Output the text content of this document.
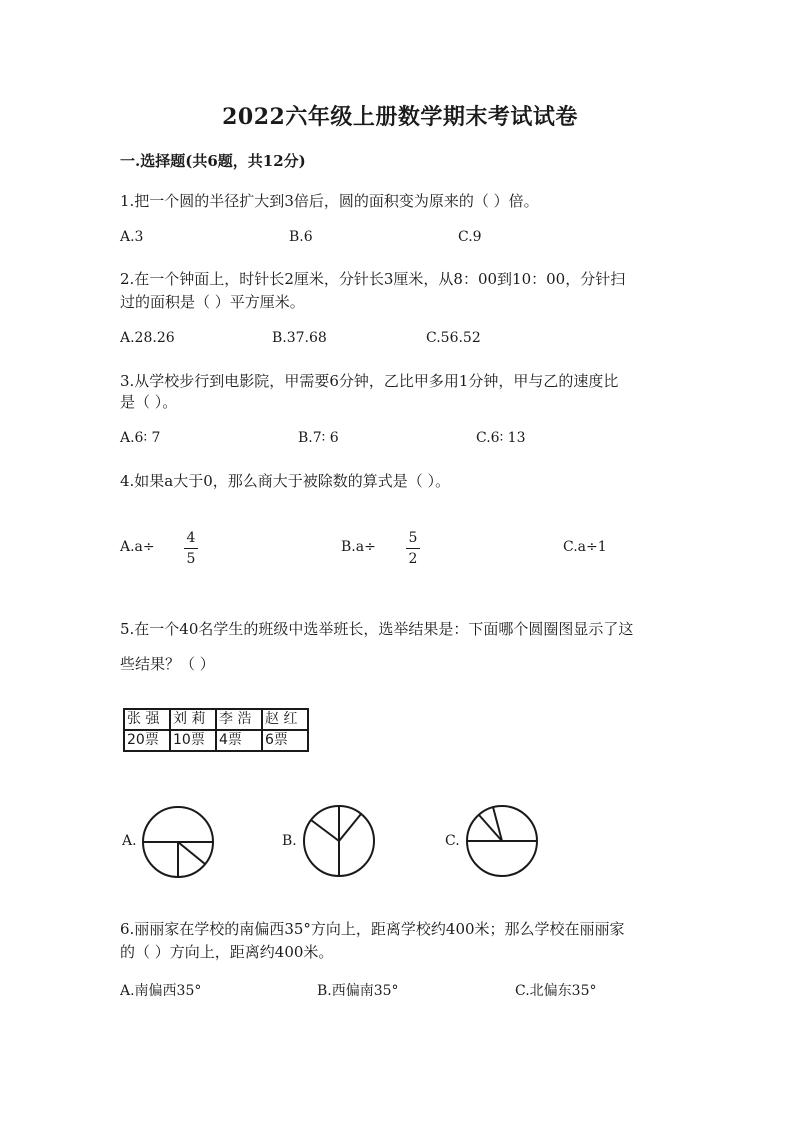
2022六年级上册数学期末考试试卷
一.选择题(共6题，共12分)
1.把一个圆的半径扩大到3倍后，圆的面积变为原来的（ ）倍。
A.3	B.6	C.9
2.在一个钟面上，时针长2厘米，分针长3厘米，从8：00到10：00，分针扫
过的面积是（ ）平方厘米。
A.28.26	B.37.68	C.56.52
3.从学校步行到电影院，甲需要6分钟，乙比甲多用1分钟，甲与乙的速度比
是（ ）。
A.6∶ 7	B.7∶ 6	C.6∶ 13
4.如果a大于0，那么商大于被除数的算式是（ ）。
A.a÷
4
5
B.a÷
5
2
C.a÷1
5.在一个40名学生的班级中选举班长，选举结果是：下面哪个圆圈图显示了这
些结果？（ ）
张 强	刘 莉	李 浩	赵 红
20票	10票	4票	6票
A.	B.	C.
6.丽丽家在学校的南偏西35°方向上，距离学校约400米；那么学校在丽丽家
的（ ）方向上，距离约400米。
A.南偏西35°	B.西偏南35°	C.北偏东35°
